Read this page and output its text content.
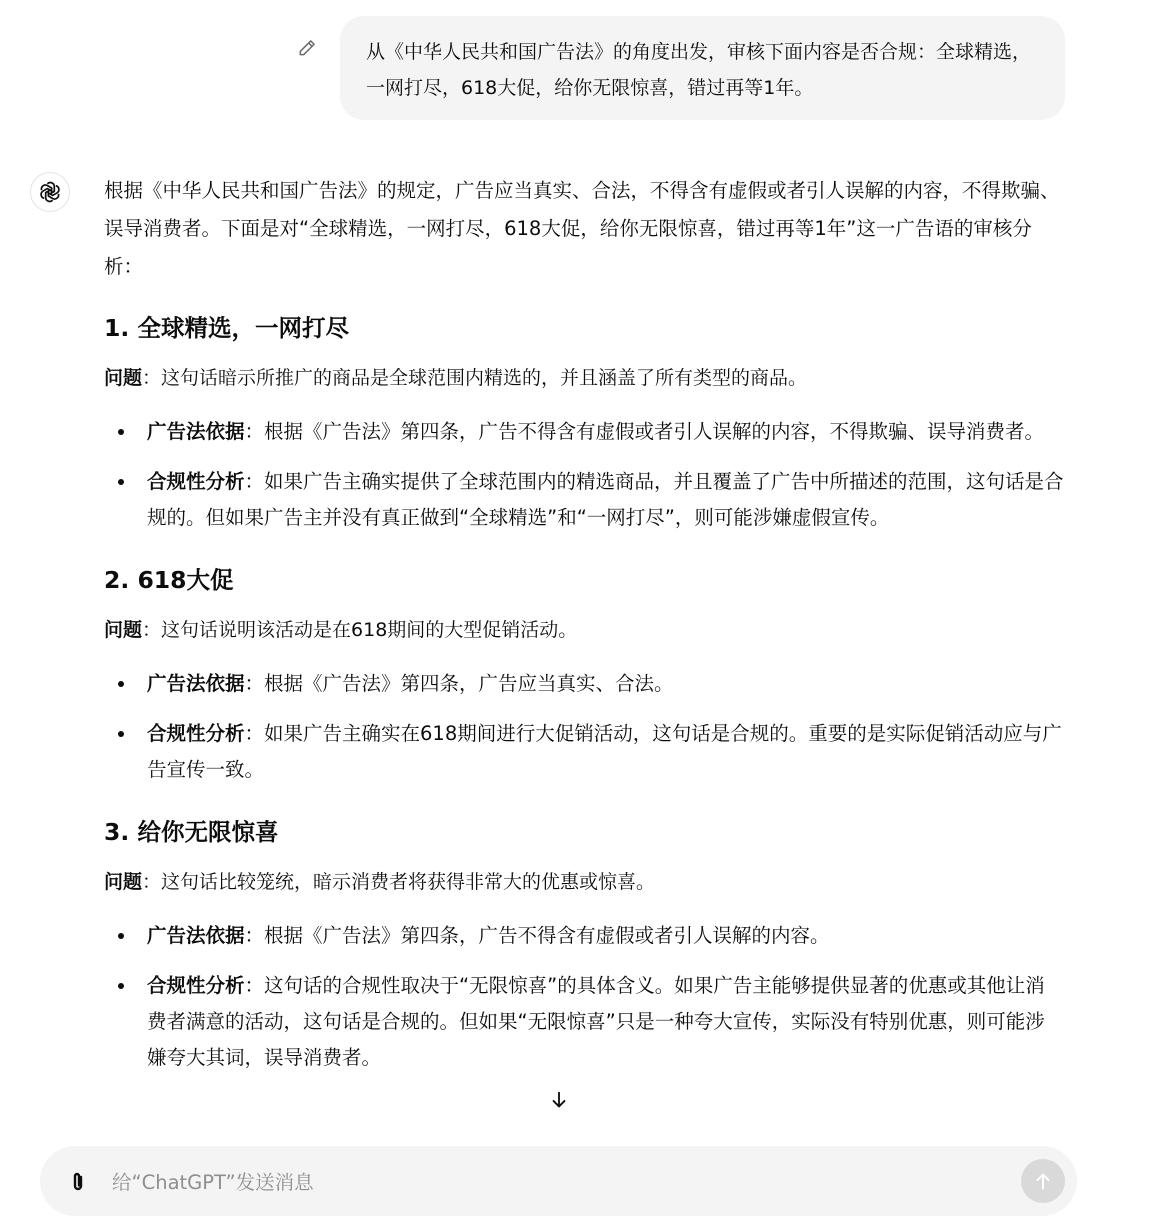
从《中华人民共和国广告法》的角度出发，审核下面内容是否合规：全球精选，一网打尽，618大促，给你无限惊喜，错过再等1年。

根据《中华人民共和国广告法》的规定，广告应当真实、合法，不得含有虚假或者引人误解的内容，不得欺骗、误导消费者。下面是对“全球精选，一网打尽，618大促，给你无限惊喜，错过再等1年”这一广告语的审核分析：

1. 全球精选，一网打尽

问题：这句话暗示所推广的商品是全球范围内精选的，并且涵盖了所有类型的商品。

广告法依据：根据《广告法》第四条，广告不得含有虚假或者引人误解的内容，不得欺骗、误导消费者。
合规性分析：如果广告主确实提供了全球范围内的精选商品，并且覆盖了广告中所描述的范围，这句话是合规的。但如果广告主并没有真正做到“全球精选”和“一网打尽”，则可能涉嫌虚假宣传。
2. 618大促

问题：这句话说明该活动是在618期间的大型促销活动。

广告法依据：根据《广告法》第四条，广告应当真实、合法。
合规性分析：如果广告主确实在618期间进行大促销活动，这句话是合规的。重要的是实际促销活动应与广告宣传一致。
3. 给你无限惊喜

问题：这句话比较笼统，暗示消费者将获得非常大的优惠或惊喜。

广告法依据：根据《广告法》第四条，广告不得含有虚假或者引人误解的内容。
合规性分析：这句话的合规性取决于“无限惊喜”的具体含义。如果广告主能够提供显著的优惠或其他让消费者满意的活动，这句话是合规的。但如果“无限惊喜”只是一种夸大宣传，实际没有特别优惠，则可能涉嫌夸大其词，误导消费者。
给“ChatGPT”发送消息
